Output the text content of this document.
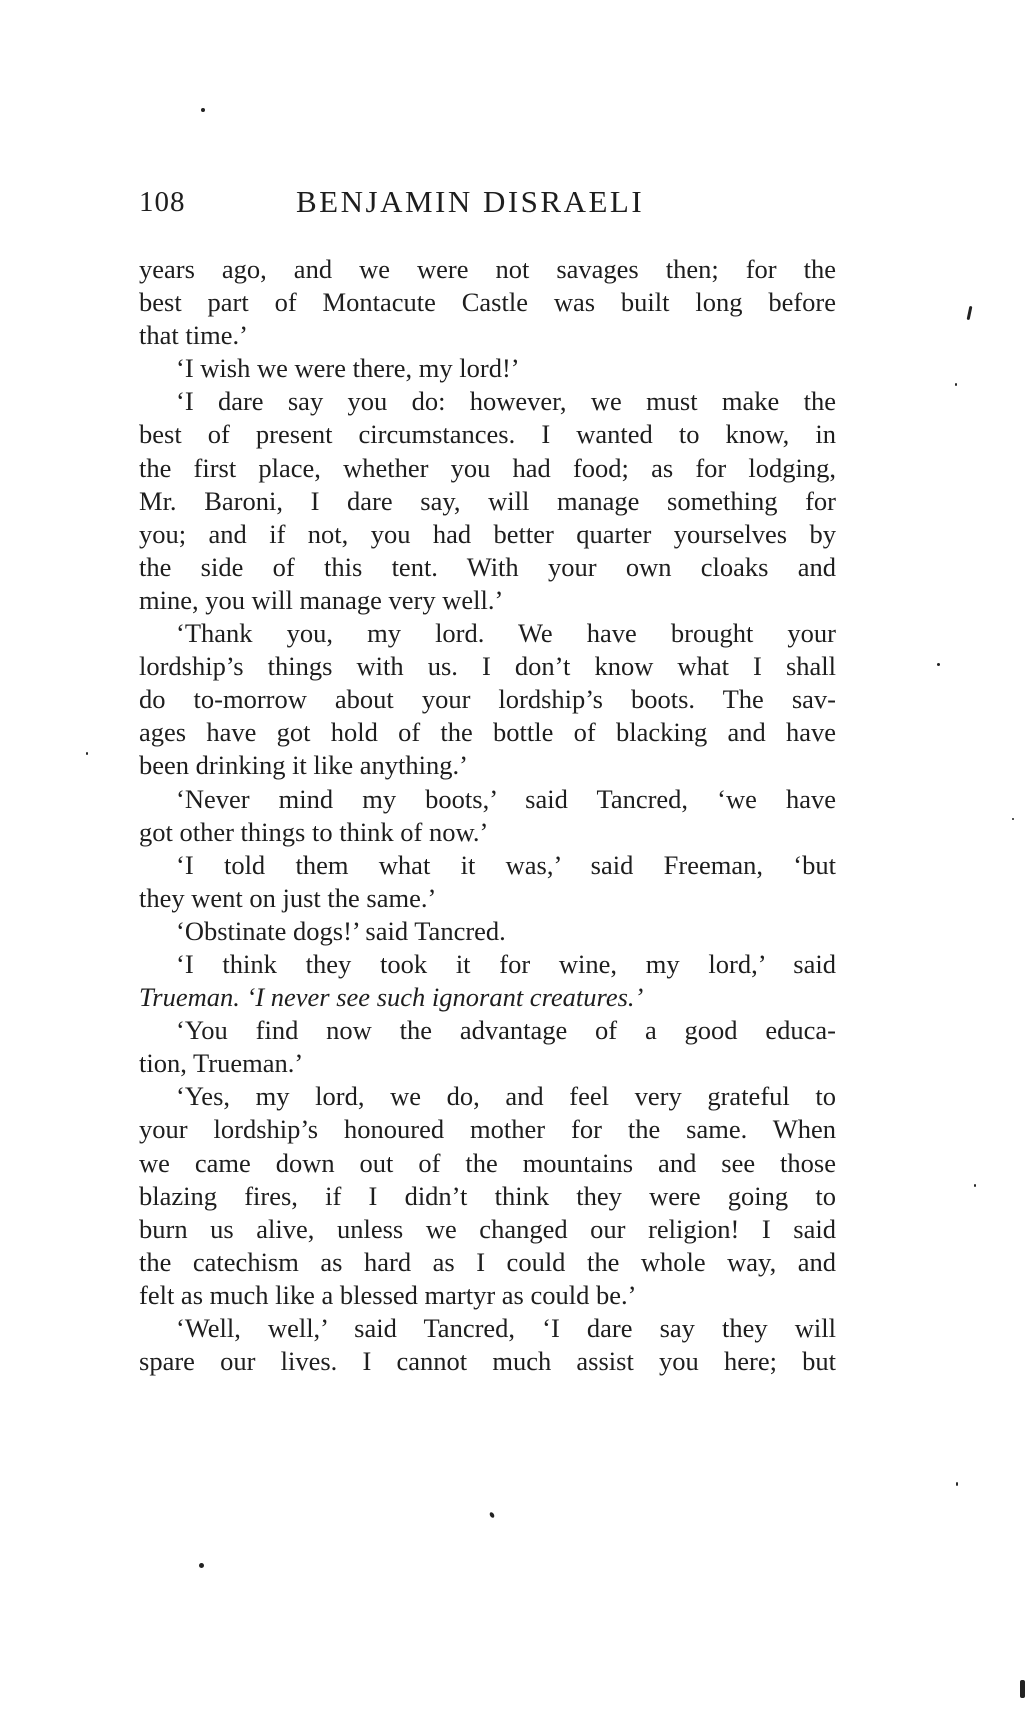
108	BENJAMIN DISRAELI
years ago, and we were not savages then; for the
best part of Montacute Castle was built long before
that time.’
‘I wish we were there, my lord!’
‘I dare say you do: however, we must make the
best of present circumstances. I wanted to know, in
the first place, whether you had food; as for lodging,
Mr. Baroni, I dare say, will manage something for
you; and if not, you had better quarter yourselves by
the side of this tent. With your own cloaks and
mine, you will manage very well.’
‘Thank you, my lord. We have brought your
lordship’s things with us. I don’t know what I shall
do to-morrow about your lordship’s boots. The sav-
ages have got hold of the bottle of blacking and have
been drinking it like anything.’
‘Never mind my boots,’ said Tancred, ‘we have
got other things to think of now.’
‘I told them what it was,’ said Freeman, ‘but
they went on just the same.’
‘Obstinate dogs!’ said Tancred.
‘I think they took it for wine, my lord,’ said
Trueman. ‘I never see such ignorant creatures.’
‘You find now the advantage of a good educa-
tion, Trueman.’
‘Yes, my lord, we do, and feel very grateful to
your lordship’s honoured mother for the same. When
we came down out of the mountains and see those
blazing fires, if I didn’t think they were going to
burn us alive, unless we changed our religion! I said
the catechism as hard as I could the whole way, and
felt as much like a blessed martyr as could be.’
‘Well, well,’ said Tancred, ‘I dare say they will
spare our lives. I cannot much assist you here; but
